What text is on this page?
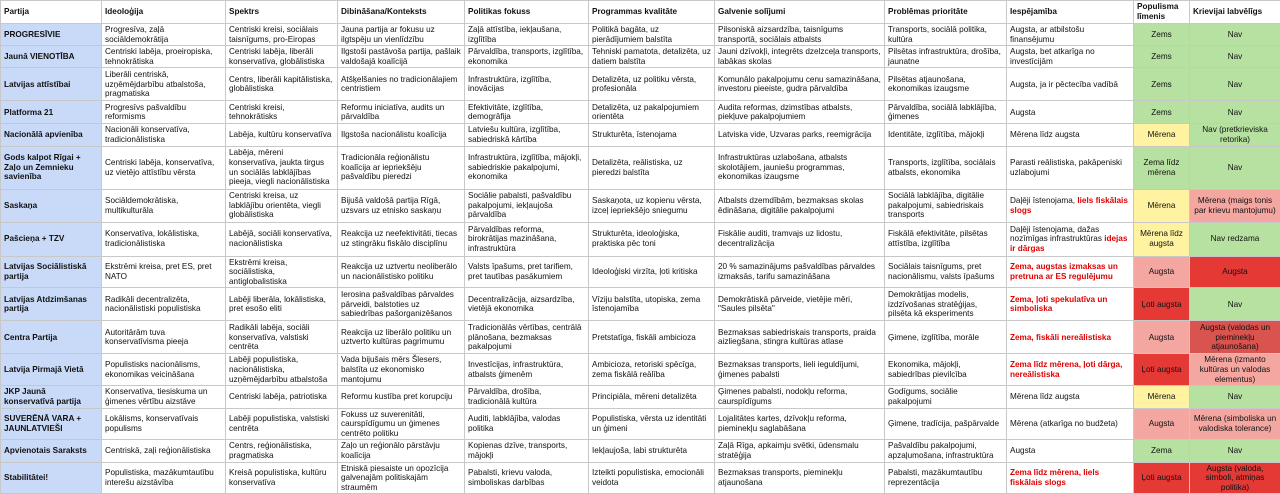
Partija	Ideoloģija	Spektrs	Dibināšana/Konteksts	Politikas fokuss	Programmas kvalitāte	Galvenie solījumi	Problēmas prioritāte	Iespējamība	Populisma līmenis	Krievijai labvēlīgs
PROGRESĪVIE	Progresīva, zaļā sociāldemokrātija	Centriski kreisi, sociālais taisnīgums, pro-Eiropas	Jauna partija ar fokusu uz ilgtspēju un vienlīdzību	Zaļā attīstība, iekļaušana, izglītība	Politikā bagāta, uz pierādījumiem balstīta	Pilsoniskā aizsardzība, taisnīgums transportā, sociālais atbalsts	Transports, sociālā politika, kultūra	Augsta, ar atbilstošu finansējumu	Zems	Nav
Jaunā VIENOTĪBA	Centriski labēja, proeiropiska, tehnokrātiska	Centriski labēja, liberāli konservatīva, globālistiska	Ilgstoši pastāvoša partija, pašlaik valdošajā koalīcijā	Pārvaldība, transports, izglītība, ekonomika	Tehniski pamatota, detalizēta, uz datiem balstīta	Jauni dzīvokļi, integrēts dzelzceļa transports, labākas skolas	Pilsētas infrastruktūra, drošība, jaunatne	Augsta, bet atkarīga no investīcijām	Zems	Nav
Latvijas attīstībai	Liberāli centriskā, uzņēmējdarbību atbalstoša, pragmatiska	Centrs, liberāli kapitālistiska, globālistiska	Atšķelšanies no tradicionālajiem centristiem	Infrastruktūra, izglītība, inovācijas	Detalizēta, uz politiku vērsta, profesionāla	Komunālo pakalpojumu cenu samazināšana, investoru pieeiste, gudra pārvaldība	Pilsētas atjaunošana, ekonomikas izaugsme	Augsta, ja ir pēctecība vadībā	Zems	Nav
Platforma 21	Progresīvs pašvaldību reformisms	Centriski kreisi, tehnokrātisks	Reformu iniciatīva, audits un pārvaldība	Efektivitāte, izglītība, demogrāfija	Detalizēta, uz pakalpojumiem orientēta	Audita reformas, dzimstības atbalsts, piekļuve pakalpojumiem	Pārvaldība, sociālā labklājība, ģimenes	Augsta	Zems	Nav
Nacionālā apvienība	Nacionāli konservatīva, tradicionālistiska	Labēja, kultūru konservatīva	Ilgstoša nacionālistu koalīcija	Latviešu kultūra, izglītība, sabiedriskā kārtība	Strukturēta, īstenojama	Latviska vide, Uzvaras parks, reemigrācija	Identitāte, izglītība, mājokļi	Mērena līdz augsta	Mērena	Nav (pretkrieviska retorika)
Gods kalpot Rīgai + Zaļo un Zemnieku savienība	Centriski labēja, konservatīva, uz vietējo attīstību vērsta	Labēja, mēreni konservatīva, jaukta tirgus un sociālās labklājības pieeja, viegli nacionālistiska	Tradicionāla reģionālistu koalīcija ar iepriekšēju pašvaldību pieredzi	Infrastruktūra, izglītība, mājokļi, sabiedriskie pakalpojumi, ekonomika	Detalizēta, reālistiska, uz pieredzi balstīta	Infrastruktūras uzlabošana, atbalsts skolotājiem, jauniešu programmas, ekonomikas izaugsme	Transports, izglītība, sociālais atbalsts, ekonomika	Parasti reālistiska, pakāpeniski uzlabojumi	Zema līdz mērena	Nav
Saskaņa	Sociāldemokrātiska, multikulturāla	Centriski kreisa, uz labklājību orientēta, viegli globālistiska	Bijušā valdošā partija Rīgā, uzsvars uz etnisko saskaņu	Sociālie pabalsti, pašvaldību pakalpojumi, iekļaujoša pārvaldība	Saskaņota, uz kopienu vērsta, izceļ iepriekšējo sniegumu	Atbalsts dzemdībām, bezmaksas skolas ēdināšana, digitālie pakalpojumi	Sociālā labklājība, digitālie pakalpojumi, sabiedriskais transports	Daļēji īstenojama, liels fiskālais slogs	Mērena	Mērena (maigs tonis par krievu mantojumu)
Pašcieņa + TZV	Konservatīva, lokālistiska, tradicionālistiska	Labējā, sociāli konservatīva, nacionālistiska	Reakcija uz neefektivitāti, tiecas uz stingrāku fiskālo disciplīnu	Pārvaldības reforma, birokrātijas mazināšana, infrastruktūra	Strukturēta, ideoloģiska, praktiska pēc toni	Fiskālie auditi, tramvajs uz lidostu, decentralizācija	Fiskālā efektivitāte, pilsētas attīstība, izglītība	Daļēji īstenojama, dažas nozīmīgas infrastruktūras idejas ir dārgas	Mērena līdz augsta	Nav redzama
Latvijas Sociālistiskā partija	Ekstrēmi kreisa, pret ES, pret NATO	Ekstrēmi kreisa, sociālistiska, antiglobalistiska	Reakcija uz uztvertu neoliberālo un nacionālistisko politiku	Valsts īpašums, pret tarifiem, pret tautības pasākumiem	Ideoloģiski virzīta, ļoti kritiska	20 % samazinājums pašvaldības pārvaldes izmaksās, tarifu samazināšana	Sociālais taisnīgums, pret nacionālismu, valsts īpašums	Zema, augstas izmaksas un pretruna ar ES regulējumu	Augsta	Augsta
Latvijas Atdzimšanas partija	Radikāli decentralizēta, nacionālistiski populistiska	Labēji liberāla, lokālistiska, pret esošo eliti	Ierosina pašvaldības pārvaldes pārveidi, balstoties uz sabiedrības pašorganizēšanos	Decentralizācija, aizsardzība, vietējā ekonomika	Vīziju balstīta, utopiska, zema īstenojamība	Demokrātiskā pārveide, vietējie mēri, "Saules pilsēta"	Demokrātijas modelis, izdzīvošanas stratēģijas, pilsēta kā eksperiments	Zema, ļoti spekulatīva un simboliska	Ļoti augsta	Nav
Centra Partija	Autoritārām tuva konservatīvisma pieeja	Radikāli labēja, sociāli konservatīva, valstiski centrēta	Reakcija uz liberālo politiku un uztverto kultūras pagrimumu	Tradicionālās vērtības, centrālā plānošana, bezmaksas pakalpojumi	Pretstatīga, fiskāli ambicioza	Bezmaksas sabiedriskais transports, praida aizliegšana, stingra kultūras atlase	Ģimene, izglītība, morāle	Zema, fiskāli nereālistiska	Augsta	Augsta (valodas un pieminekļu atjaunošana)
Latvija Pirmajā Vietā	Populistisks nacionālisms, ekonomikas veicināšana	Labēji populistiska, nacionālistiska, uzņēmējdarbību atbalstoša	Vada bijušais mērs Šlesers, balstīta uz ekonomisko mantojumu	Investīcijas, infrastruktūra, atbalsts ģimenēm	Ambicioza, retoriski spēcīga, zema fiskālā reālība	Bezmaksas transports, lieli ieguldījumi, ģimenes pabalsti	Ekonomika, mājokļi, sabiedrības pievilcība	Zema līdz mērena, ļoti dārga, nereālistiska	Ļoti augsta	Mērena (izmanto kultūras un valodas elementus)
JKP Jaunā konservatīvā partija	Konservatīva, tiesiskuma un ģimenes vērtību aizstāve	Centriski labēja, patriotiska	Reformu kustība pret korupciju	Pārvaldība, drošība, tradicionālā kultūra	Principiāla, mēreni detalizēta	Ģimenes pabalsti, nodokļu reforma, caurspīdīgums	Godīgums, sociālie pakalpojumi	Mērena līdz augsta	Mērena	Nav
SUVERĒNĀ VARA + JAUNLATVIEŠI	Lokālisms, konservatīvais populisms	Labēji populistiska, valstiski centrēta	Fokuss uz suverenitāti, caurspīdīgumu un ģimenes centrēto politiku	Auditi, labklājība, valodas politika	Populistiska, vērsta uz identitāti un ģimeni	Lojalitātes kartes, dzīvokļu reforma, pieminekļu saglabāšana	Ģimene, tradīcija, pašpārvalde	Mērena (atkarīga no budžeta)	Augsta	Mērena (simboliska un valodiska tolerance)
Apvienotais Saraksts	Centriskā, zaļi reģionālistiska	Centrs, reģionālistiska, pragmatiska	Zaļo un reģionālo pārstāvju koalīcija	Kopienas dzīve, transports, mājokļi	Iekļaujoša, labi strukturēta	Zaļā Rīga, apkaimju svētki, ūdensmalu stratēģija	Pašvaldību pakalpojumi, apzaļumošana, infrastruktūra	Augsta	Zema	Nav
Stabilitātei!	Populistiska, mazākumtautību interešu aizstāvība	Kreisā populistiska, kultūru konservatīva	Etniskā piesaiste un opozīcija galvenajām politiskajām straumēm	Pabalsti, krievu valoda, simboliskas darbības	Izteikti populistiska, emocionāli veidota	Bezmaksas transports, pieminekļu atjaunošana	Pabalsti, mazākumtautību reprezentācija	Zema līdz mērena, liels fiskālais slogs	Ļoti augsta	Augsta (valoda, simboli, atmiņas politika)
